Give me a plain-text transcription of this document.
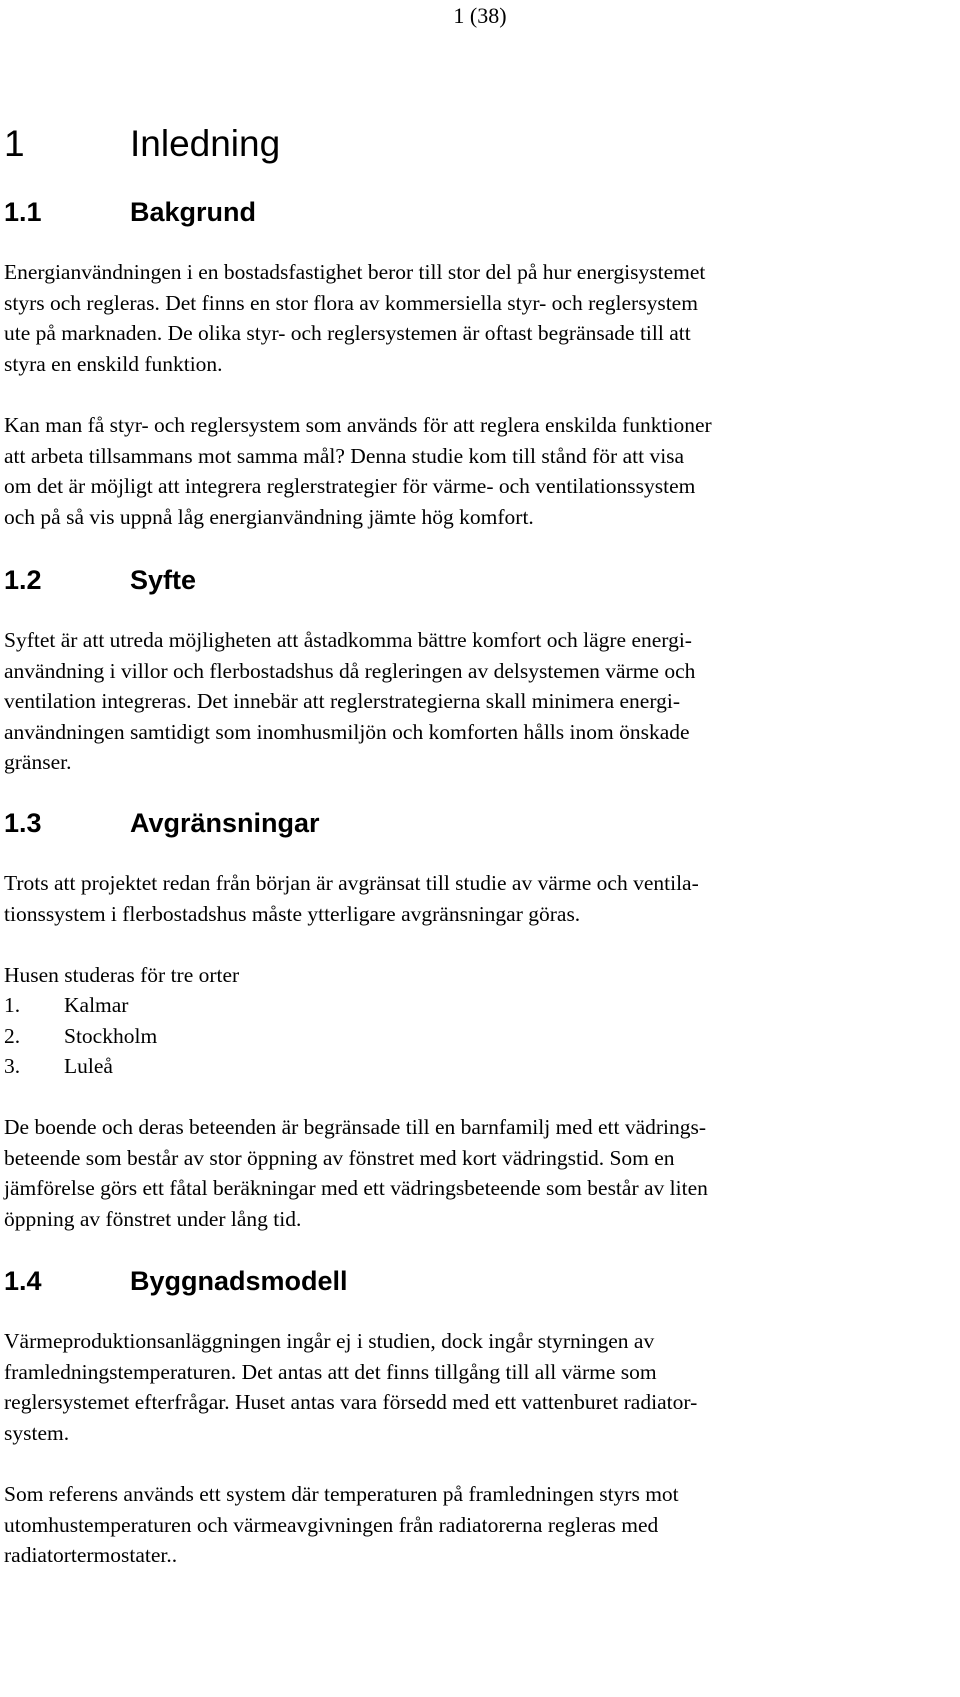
1 (38)
1	Inledning
1.1	Bakgrund

Energianvändningen i en bostadsfastighet beror till stor del på hur energisystemet
styrs och regleras. Det finns en stor flora av kommersiella styr- och reglersystem
ute på marknaden. De olika styr- och reglersystemen är oftast begränsade till att
styra en enskild funktion.

Kan man få styr- och reglersystem som används för att reglera enskilda funktioner
att arbeta tillsammans mot samma mål? Denna studie kom till stånd för att visa
om det är möjligt att integrera reglerstrategier för värme- och ventilationssystem
och på så vis uppnå låg energianvändning jämte hög komfort.

1.2	Syfte

Syftet är att utreda möjligheten att åstadkomma bättre komfort och lägre energi-
användning i villor och flerbostadshus då regleringen av delsystemen värme och
ventilation integreras. Det innebär att reglerstrategierna skall minimera energi-
användningen samtidigt som inomhusmiljön och komforten hålls inom önskade
gränser.

1.3	Avgränsningar

Trots att projektet redan från början är avgränsat till studie av värme och ventila-
tionssystem i flerbostadshus måste ytterligare avgränsningar göras.

Husen studeras för tre orter

1. Kalmar
2. Stockholm
3. Luleå

De boende och deras beteenden är begränsade till en barnfamilj med ett vädrings-
beteende som består av stor öppning av fönstret med kort vädringstid. Som en
jämförelse görs ett fåtal beräkningar med ett vädringsbeteende som består av liten
öppning av fönstret under lång tid.

1.4	Byggnadsmodell

Värmeproduktionsanläggningen ingår ej i studien, dock ingår styrningen av
framledningstemperaturen. Det antas att det finns tillgång till all värme som
reglersystemet efterfrågar. Huset antas vara försedd med ett vattenburet radiator-
system.

Som referens används ett system där temperaturen på framledningen styrs mot
utomhustemperaturen och värmeavgivningen från radiatorerna regleras med
radiatortermostater..
